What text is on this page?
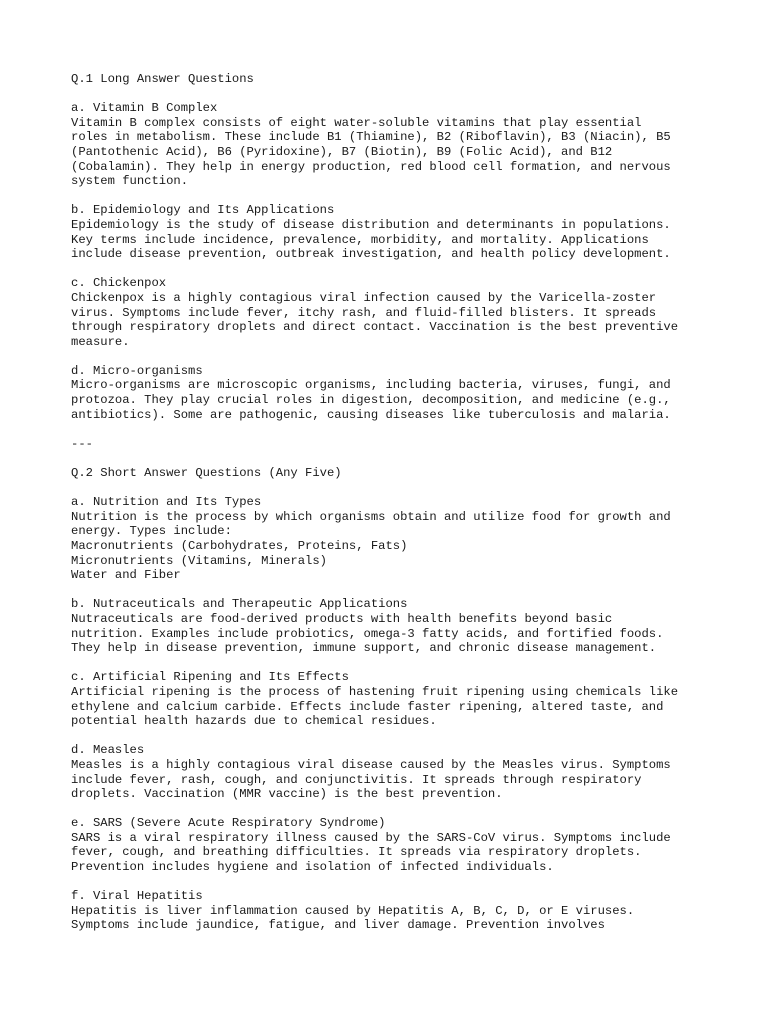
Q.1 Long Answer Questions
a. Vitamin B Complex
Vitamin B complex consists of eight water-soluble vitamins that play essential
roles in metabolism. These include B1 (Thiamine), B2 (Riboflavin), B3 (Niacin), B5
(Pantothenic Acid), B6 (Pyridoxine), B7 (Biotin), B9 (Folic Acid), and B12
(Cobalamin). They help in energy production, red blood cell formation, and nervous
system function.
b. Epidemiology and Its Applications
Epidemiology is the study of disease distribution and determinants in populations.
Key terms include incidence, prevalence, morbidity, and mortality. Applications
include disease prevention, outbreak investigation, and health policy development.
c. Chickenpox
Chickenpox is a highly contagious viral infection caused by the Varicella-zoster
virus. Symptoms include fever, itchy rash, and fluid-filled blisters. It spreads
through respiratory droplets and direct contact. Vaccination is the best preventive
measure.
d. Micro-organisms
Micro-organisms are microscopic organisms, including bacteria, viruses, fungi, and
protozoa. They play crucial roles in digestion, decomposition, and medicine (e.g.,
antibiotics). Some are pathogenic, causing diseases like tuberculosis and malaria.
---
Q.2 Short Answer Questions (Any Five)
a. Nutrition and Its Types
Nutrition is the process by which organisms obtain and utilize food for growth and
energy. Types include:
Macronutrients (Carbohydrates, Proteins, Fats)
Micronutrients (Vitamins, Minerals)
Water and Fiber
b. Nutraceuticals and Therapeutic Applications
Nutraceuticals are food-derived products with health benefits beyond basic
nutrition. Examples include probiotics, omega-3 fatty acids, and fortified foods.
They help in disease prevention, immune support, and chronic disease management.
c. Artificial Ripening and Its Effects
Artificial ripening is the process of hastening fruit ripening using chemicals like
ethylene and calcium carbide. Effects include faster ripening, altered taste, and
potential health hazards due to chemical residues.
d. Measles
Measles is a highly contagious viral disease caused by the Measles virus. Symptoms
include fever, rash, cough, and conjunctivitis. It spreads through respiratory
droplets. Vaccination (MMR vaccine) is the best prevention.
e. SARS (Severe Acute Respiratory Syndrome)
SARS is a viral respiratory illness caused by the SARS-CoV virus. Symptoms include
fever, cough, and breathing difficulties. It spreads via respiratory droplets.
Prevention includes hygiene and isolation of infected individuals.
f. Viral Hepatitis
Hepatitis is liver inflammation caused by Hepatitis A, B, C, D, or E viruses.
Symptoms include jaundice, fatigue, and liver damage. Prevention involves
